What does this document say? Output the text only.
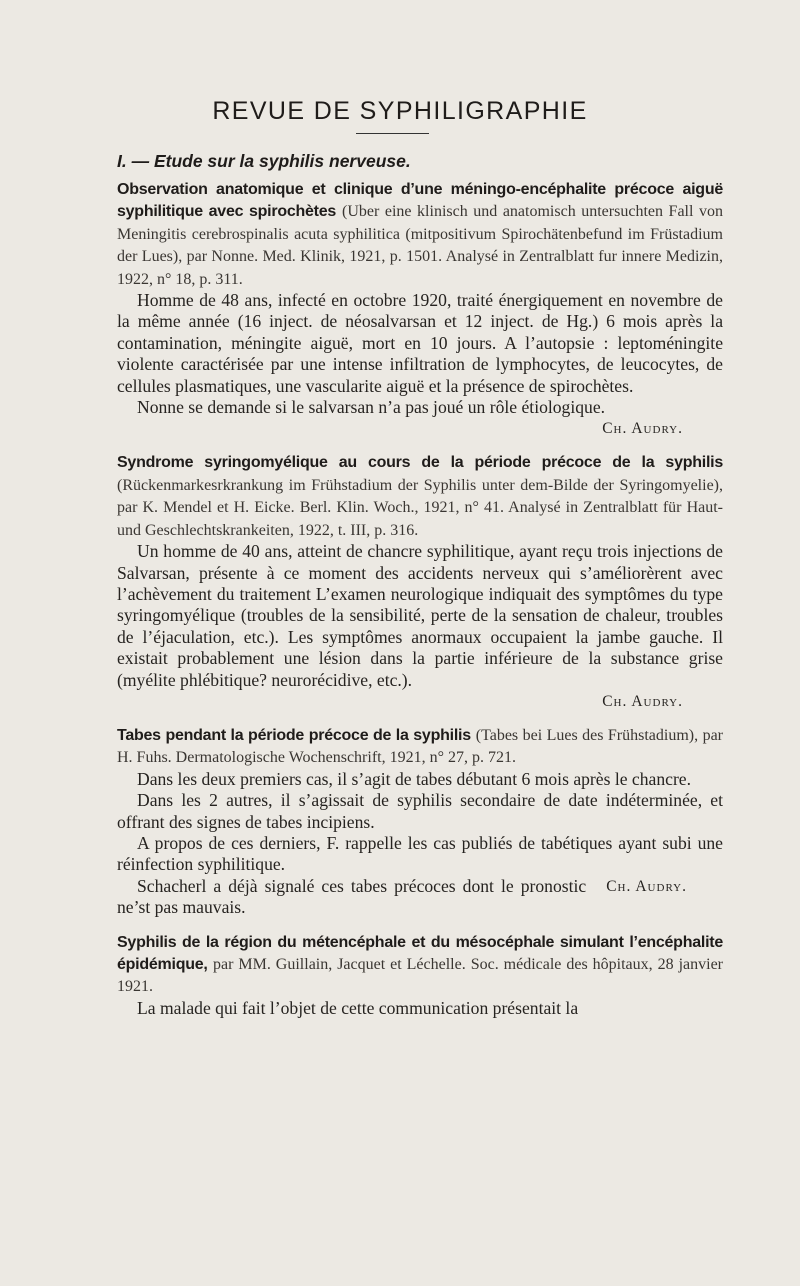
REVUE DE SYPHILIGRAPHIE
I. — Etude sur la syphilis nerveuse.

Observation anatomique et clinique d’une méningo-encéphalite précoce aiguë syphilitique avec spirochètes (Uber eine klinisch und anatomisch untersuchten Fall von Meningitis cerebrospinalis acuta syphilitica (mitpositivum Spirochätenbefund im Früstadium der Lues), par Nonne. Med. Klinik, 1921, p. 1501. Analysé in Zentralblatt fur innere Medizin, 1922, n° 18, p. 311.

Homme de 48 ans, infecté en octobre 1920, traité énergiquement en novembre de la même année (16 inject. de néosalvarsan et 12 inject. de Hg.) 6 mois après la contamination, méningite aiguë, mort en 10 jours. A l’autopsie : leptoméningite violente caractérisée par une intense infiltration de lymphocytes, de leucocytes, de cellules plasmatiques, une vascularite aiguë et la présence de spirochètes.

Nonne se demande si le salvarsan n’a pas joué un rôle étiologique.

Ch. Audry.

Syndrome syringomyélique au cours de la période précoce de la syphilis (Rückenmarkesrkrankung im Frühstadium der Syphilis unter dem-Bilde der Syringomyelie), par K. Mendel et H. Eicke. Berl. Klin. Woch., 1921, n° 41. Analysé in Zentralblatt für Haut-und Geschlechtskrankeiten, 1922, t. III, p. 316.

Un homme de 40 ans, atteint de chancre syphilitique, ayant reçu trois injections de Salvarsan, présente à ce moment des accidents nerveux qui s’améliorèrent avec l’achèvement du traitement L’examen neurologique indiquait des symptômes du type syringomyélique (troubles de la sensibilité, perte de la sensation de chaleur, troubles de l’éjaculation, etc.). Les symptômes anormaux occupaient la jambe gauche. Il existait probablement une lésion dans la partie inférieure de la substance grise (myélite phlébitique? neurorécidive, etc.).

Ch. Audry.

Tabes pendant la période précoce de la syphilis (Tabes bei Lues des Frühstadium), par H. Fuhs. Dermatologische Wochenschrift, 1921, n° 27, p. 721.

Dans les deux premiers cas, il s’agit de tabes débutant 6 mois après le chancre.

Dans les 2 autres, il s’agissait de syphilis secondaire de date indéterminée, et offrant des signes de tabes incipiens.

A propos de ces derniers, F. rappelle les cas publiés de tabétiques ayant subi une réinfection syphilitique.

Ch. Audry.
Schacherl a déjà signalé ces tabes précoces dont le pronostic ne’st pas mauvais.

Syphilis de la région du métencéphale et du mésocéphale simulant l’encéphalite épidémique, par MM. Guillain, Jacquet et Léchelle. Soc. médicale des hôpitaux, 28 janvier 1921.

La malade qui fait l’objet de cette communication présentait la
